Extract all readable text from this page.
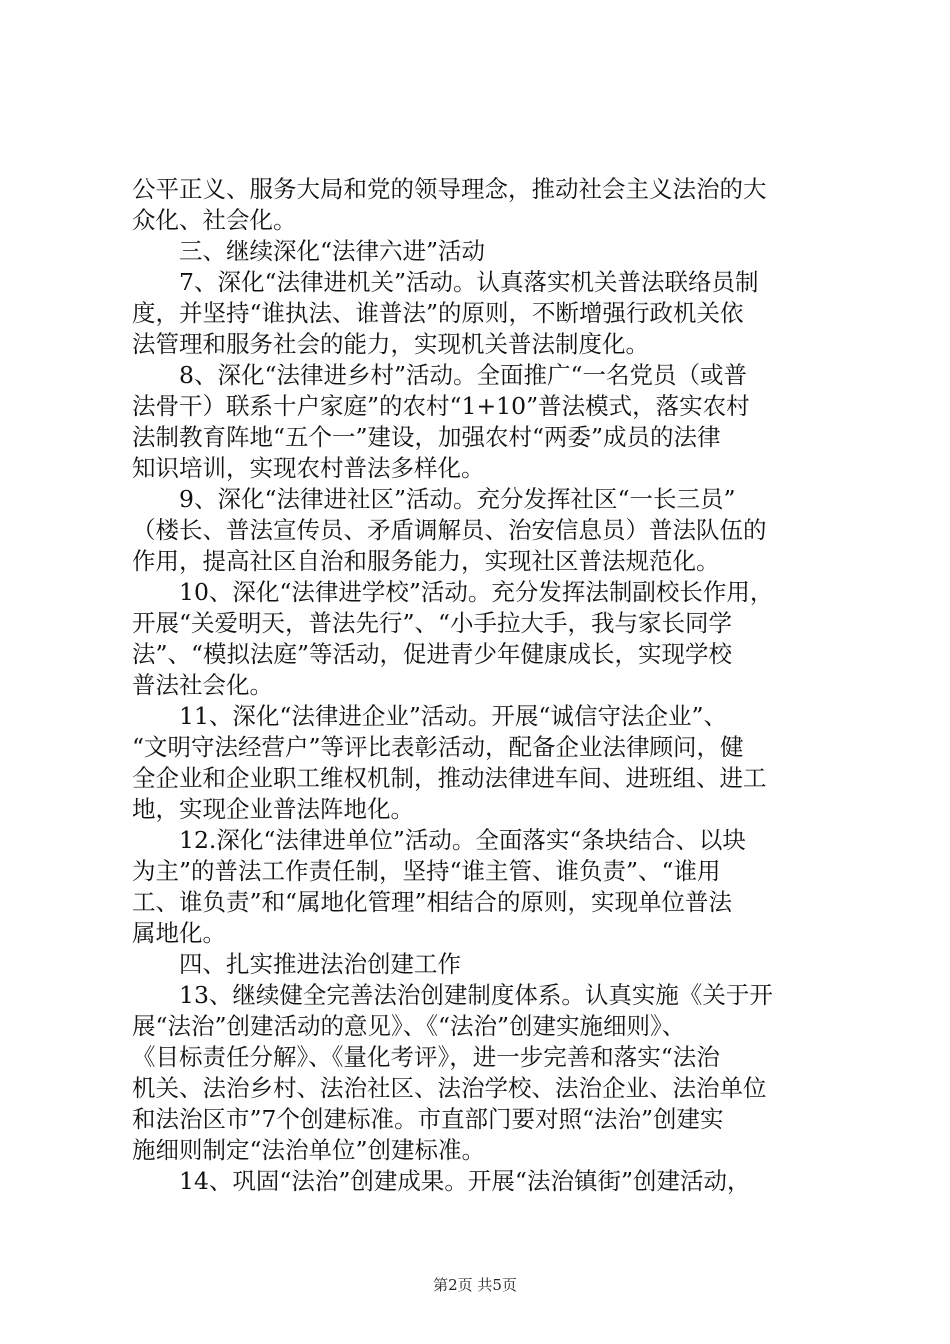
公平正义、服务大局和党的领导理念，推动社会主义法治的大
众化、社会化。
　　三、继续深化“法律六进”活动
　　7、深化“法律进机关”活动。认真落实机关普法联络员制
度，并坚持“谁执法、谁普法”的原则，不断增强行政机关依
法管理和服务社会的能力，实现机关普法制度化。
　　8、深化“法律进乡村”活动。全面推广“一名党员（或普
法骨干）联系十户家庭”的农村“1+10”普法模式，落实农村
法制教育阵地“五个一”建设，加强农村“两委”成员的法律
知识培训，实现农村普法多样化。
　　9、深化“法律进社区”活动。充分发挥社区“一长三员”
（楼长、普法宣传员、矛盾调解员、治安信息员）普法队伍的
作用，提高社区自治和服务能力，实现社区普法规范化。
　　10、深化“法律进学校”活动。充分发挥法制副校长作用，
开展“关爱明天，普法先行”、“小手拉大手，我与家长同学
法”、“模拟法庭”等活动，促进青少年健康成长，实现学校
普法社会化。
　　11、深化“法律进企业”活动。开展“诚信守法企业”、
“文明守法经营户”等评比表彰活动，配备企业法律顾问，健
全企业和企业职工维权机制，推动法律进车间、进班组、进工
地，实现企业普法阵地化。
　　12.深化“法律进单位”活动。全面落实“条块结合、以块
为主”的普法工作责任制，坚持“谁主管、谁负责”、“谁用
工、谁负责”和“属地化管理”相结合的原则，实现单位普法
属地化。
　　四、扎实推进法治创建工作
　　13、继续健全完善法治创建制度体系。认真实施《关于开
展“法治”创建活动的意见》、《“法治”创建实施细则》、
《目标责任分解》、《量化考评》，进一步完善和落实“法治
机关、法治乡村、法治社区、法治学校、法治企业、法治单位
和法治区市”7个创建标准。市直部门要对照“法治”创建实
施细则制定“法治单位”创建标准。
　　14、巩固“法治”创建成果。开展“法治镇街”创建活动，
第2页 共5页
